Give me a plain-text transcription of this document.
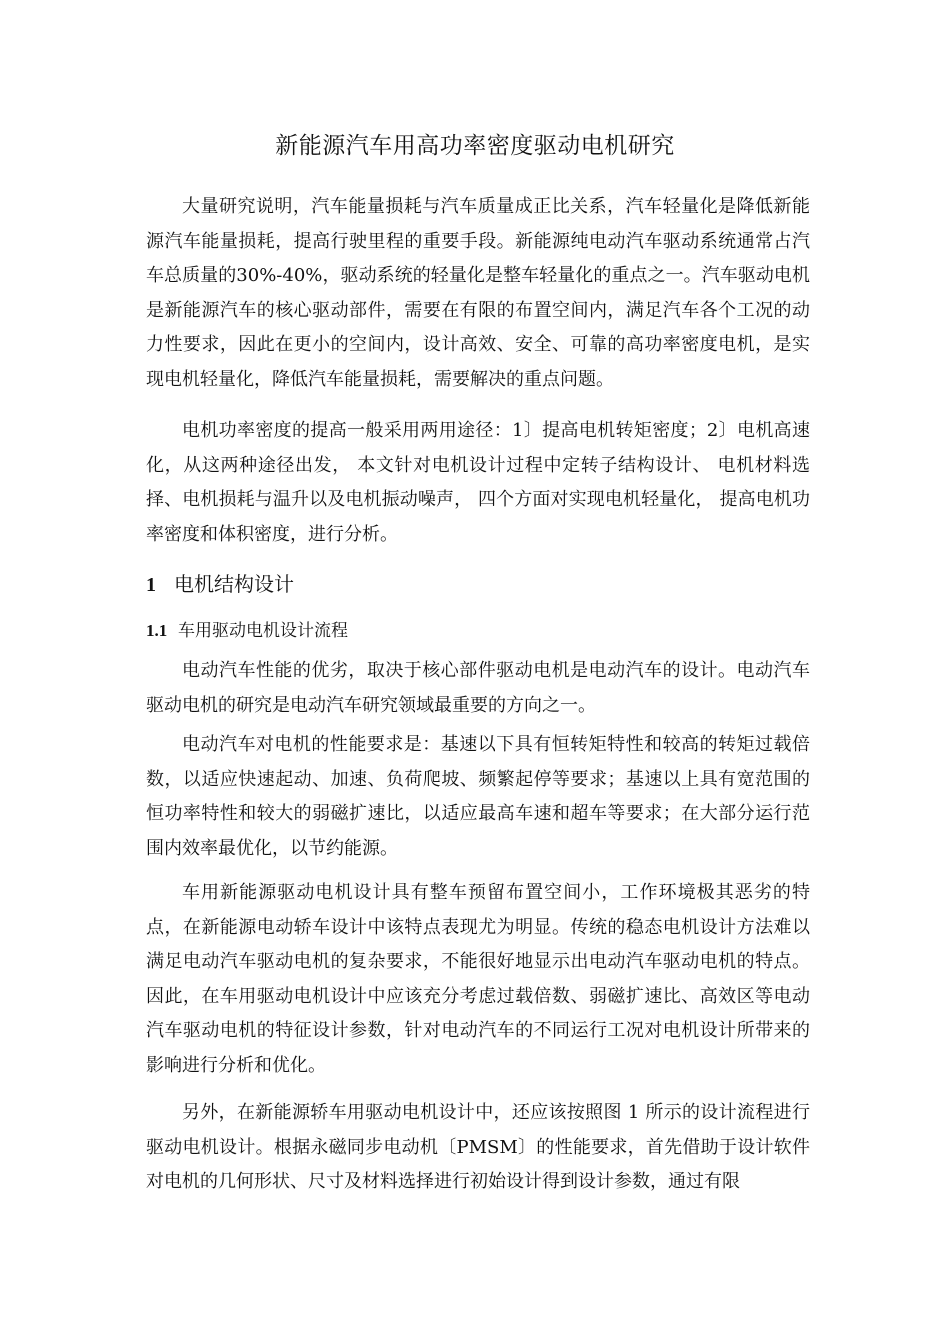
新能源汽车用高功率密度驱动电机研究

大量研究说明，汽车能量损耗与汽车质量成正比关系，汽车轻量化是降低新能源汽车能量损耗，提高行驶里程的重要手段。新能源纯电动汽车驱动系统通常占汽车总质量的30%-40%，驱动系统的轻量化是整车轻量化的重点之一。汽车驱动电机是新能源汽车的核心驱动部件，需要在有限的布置空间内，满足汽车各个工况的动力性要求，因此在更小的空间内，设计高效、安全、可靠的高功率密度电机，是实现电机轻量化，降低汽车能量损耗，需要解决的重点问题。

电机功率密度的提高一般采用两用途径：1〕提高电机转矩密度；2〕电机高速化，从这两种途径出发， 本文针对电机设计过程中定转子结构设计、 电机材料选择、电机损耗与温升以及电机振动噪声， 四个方面对实现电机轻量化， 提高电机功率密度和体积密度，进行分析。

1 电机结构设计
1.1 车用驱动电机设计流程

电动汽车性能的优劣，取决于核心部件驱动电机是电动汽车的设计。电动汽车驱动电机的研究是电动汽车研究领域最重要的方向之一。

电动汽车对电机的性能要求是：基速以下具有恒转矩特性和较高的转矩过载倍数，以适应快速起动、加速、负荷爬坡、频繁起停等要求；基速以上具有宽范围的恒功率特性和较大的弱磁扩速比，以适应最高车速和超车等要求；在大部分运行范围内效率最优化，以节约能源。

车用新能源驱动电机设计具有整车预留布置空间小，工作环境极其恶劣的特点，在新能源电动轿车设计中该特点表现尤为明显。传统的稳态电机设计方法难以满足电动汽车驱动电机的复杂要求，不能很好地显示出电动汽车驱动电机的特点。因此，在车用驱动电机设计中应该充分考虑过载倍数、弱磁扩速比、高效区等电动汽车驱动电机的特征设计参数，针对电动汽车的不同运行工况对电机设计所带来的影响进行分析和优化。

另外，在新能源轿车用驱动电机设计中，还应该按照图 1 所示的设计流程进行驱动电机设计。根据永磁同步电动机〔PMSM〕的性能要求，首先借助于设计软件对电机的几何形状、尺寸及材料选择进行初始设计得到设计参数，通过有限
